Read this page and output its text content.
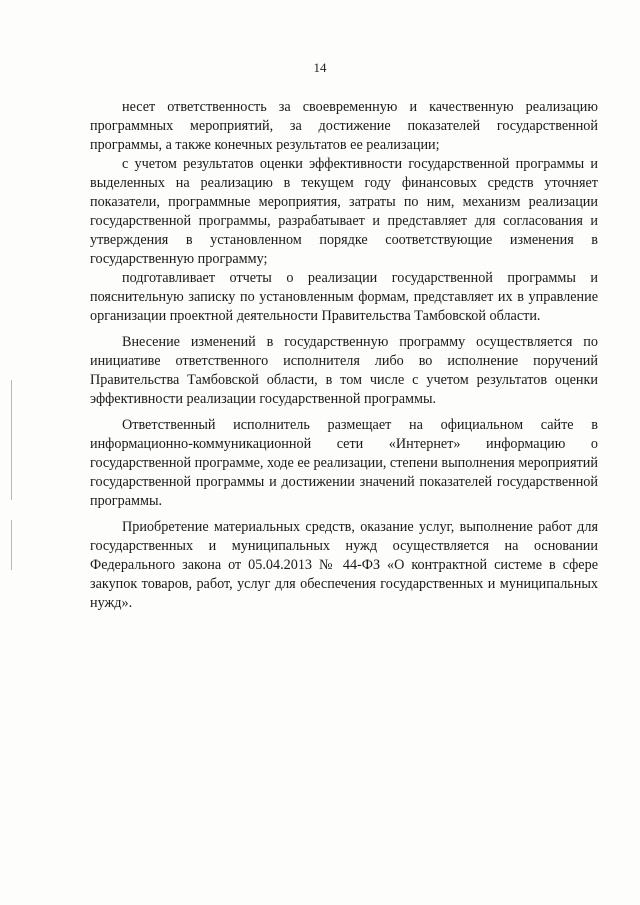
14

несет ответственность за своевременную и качественную реализацию программных мероприятий, за достижение показателей государственной программы, а также конечных результатов ее реализации;

с учетом результатов оценки эффективности государственной программы и выделенных на реализацию в текущем году финансовых средств уточняет показатели, программные мероприятия, затраты по ним, механизм реализации государственной программы, разрабатывает и представляет для согласования и утверждения в установленном порядке соответствующие изменения в государственную программу;

подготавливает отчеты о реализации государственной программы и пояснительную записку по установленным формам, представляет их в управление организации проектной деятельности Правительства Тамбовской области.

Внесение изменений в государственную программу осуществляется по инициативе ответственного исполнителя либо во исполнение поручений Правительства Тамбовской области, в том числе с учетом результатов оценки эффективности реализации государственной программы.

Ответственный исполнитель размещает на официальном сайте в информационно-коммуникационной сети «Интернет» информацию о государственной программе, ходе ее реализации, степени выполнения мероприятий государственной программы и достижении значений показателей государственной программы.

Приобретение материальных средств, оказание услуг, выполнение работ для государственных и муниципальных нужд осуществляется на основании Федерального закона от 05.04.2013 № 44-ФЗ «О контрактной системе в сфере закупок товаров, работ, услуг для обеспечения государственных и муниципальных нужд».
